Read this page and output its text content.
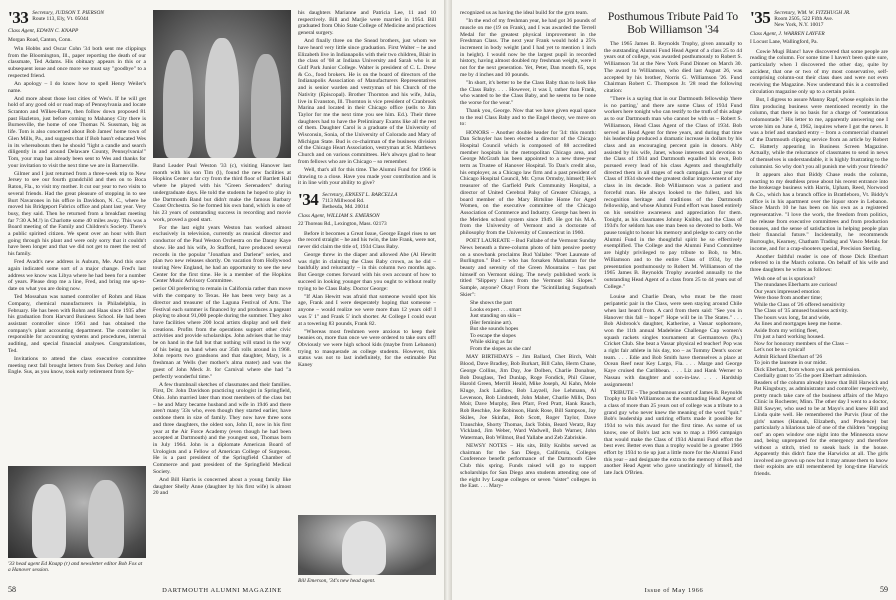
'33 Secretary, JUDSON T. PIERSON
Route 113, Ely, Vt. 05044
Class Agent, EDWIN C. KNAPP
Morgan Road, Canton, Conn.

Win Hobbs and Oscar Cohn '34 both sent me clippings from the Bloomington, Ill., paper reporting the death of our classmate, Ted Adams. His obituary appears in this or a subsequent issue and once more we must say "goodbye" to a respected friend.

An apology – I do know how to spell Henry Weiler's name.

And more about those lost cities of Wes's. If he will get hold of any good old or road map of Pennsylvania and locate Scranton and Wilkes-Barre, then follow down proposed 81 past Hazleton, just before coming to Mahanoy City there is Burnesville, the home of one Thomas N. Sussman, big as life. Tom is also concerned about Bob James' home town of Glen Mills, Pa., and suggests that if Bob hasn't educated Wes in its whereabouts then he should "light a candle and search diligently in and around Delaware County, Pennsylvania!" Tom, your map has already been sent to Wes and thanks for your invitation to visit the next time we are in Barnesville.

Gilmer and I just returned from a three-week trip to New Jersey to see our fourth grandchild and then on to Boca Raton, Fla., to visit my mother. It cut our year to two visits to several friends. Had the great pleasure of stopping in to see Burt Navarones in his office in Davidson, N. C., where he moved his Bridgeport Fabrics office and plant last year. Very busy, they said. Then he returned from a breakfast meeting far 7:30 A.M.!) in Charlotte some 40 miles away. This was a Board meeting of the Family and Children's Society. There's a public spirited citizen. We spent over an hour with Burt going through his plant and were only sorry that it couldn't have been longer and that we did not get to meet the rest of his family.

Fred Avadt's new address is Auburn, Me. And this once again indicated some sort of a major change. Fred's last address we know was Libya where he had been for a number of years. Please drop me a line, Fred, and bring me up-to-date on what you are doing now.

Ted Mossahan was named controller of Rohm and Haas Company, chemical manufacturers in Philadelphia, in February. He has been with Rohm and Haas since 1935 after his graduation from Harvard Business School. He had been assistant controller since 1961 and has obtained the company's plant accounting department. The controller is responsible for accounting systems and procedures, internal auditing, and special financial analyses. Congratulations, Ted.

Invitations to attend the class executive committee meeting next fall brought letters from Sus Dorkey and John Engle. Sus, as you know, took early retirement from Sy-

'33 head agent Ed Knapp (r) and newsletter editor Bob Fox at a Hanover session.

Band Leader Paul Weston '33 (c), visiting Hanover last month with his son Tim (l), found the new facilities at Hopkins Center a far cry from the third floor of Bartlett Hall where he played with his "Green Serenaders" during undergraduate days. He told the students he hoped to play in the Dartmouth Band but didn't make the famous Barbary Coast Orchestra. So he formed his own band, which is one of his 23 years of outstanding success in recording and movie work, proved a good start.

For the last eight years Weston has worked almost exclusively in television, currently as musical director and conductor of the Paul Weston Orchestra on the Danny Kaye show. He and his wife, Jo Stafford, have produced several records in the popular "Jonathan and Darlene" series, and plan two new releases shortly. On vacation from Hollywood touring New England, he had an opportunity to see the new Center for the first time. He is a member of the Hopkins Center Music Advisory Committee.

perior Oil preferring to remain in California rather than move with the company to Texas. He has been very busy as a director and treasurer of the Laguna Festival of Arts. The Festival each summer is financed by and produces a pageant playing to about 91,000 people during the summer. They also have facilities where 200 local artists display and sell their creations. Profits from the operations support other civic activities and provide scholarships. John advises that he may be on hand in the fall but that nothing will stand in the way of his being on hand when our 35th rolls around in 1968. John reports two grandsons and that daughter, Mary, is a freshman at Wells (her mother's alma mater) and was the guest of John Meck Jr. for Carnival where she had "a perfectly wonderful time."

A few thumbnail sketches of classmates and their families. First, Dr. John Davidson practicing urologist in Springfield, Ohio. John married later than most members of the class but – he and Mary became husband and wife in 1946 and there aren't many '33s who, even though they started earlier, have outdone them in size of family. They now have three sons and three daughters, the oldest son, John II, now in his first year at the Air Force Academy (even though he had been accepted at Dartmouth) and the youngest son, Thomas born in July 1964. John is a diplomate American Board of Urologists and a Fellow of American College of Surgeons. He is a past president of the Springfield Chamber of Commerce and past president of the Springfield Medical Society.

And Bill Harris is concerned about a young family like daughter Shelly Anne (daughter by his first wife) is almost 20 and

his daughters Marianne and Patricia Lee, 11 and 10 respectively. Bill and Marjie were married in 1954. Bill graduated from Ohio State College of Medicine and practices general surgery.

And finally three on the Snead brothers, just whom we have heard very little since graduation. First Walter – he and Elizabeth live in Indianapolis with their two children, Blair in the class of '68 at Indiana University and Sarah who is at Gulf Park Junior College. Walter is president of C. L. Drew & Co., food brokers. He is on the board of directors of the Indianapolis Association of Manufacturers Representatives and is senior warden and vestryman of his Church of the Nativity (Episcopal). Brother Thornton and his wife, Julia, live in Evanston, Ill. Thornton is vice president of Cranbrook Marina and located in their Chicago office (sells to Jim Taylor for me the next time you see him. Ed.). Their three daughters had to have the Preliminary Exams like all the rest of them. Daughter Carol is a graduate of the University of Wisconsin, Sonia, of the University of Colorado and Mary of Michigan State. Bud is co-chairman of the business division of the Chicago Heart Association, vestryman at St. Matthews Church and on various committees. He's always glad to hear from fellows who are in Chicago – so remember.

Well, that's all for this time. The Alumni Fund for 1966 is drawing to a close. Have you made your contribution and is it in line with your ability to give?

'34 Secretary, ERNEST L. BARCELLA
7113 Millwood Rd.
Bethesda, Md. 20014
Class Agent, WILLIAM S. EMERSON
22 Thoreau Rd., Lexington, Mass. 02173

Before it becomes a Great Issue, George Engel rises to set the record straight – he and his twin, the late Frank, were not, never did claim the title of, 1934 Class Baby.

George threw in the diaper and allowed Abe (Al Hewitt was right in claiming the Class Baby crown, as he did – bashfully and reluctantly – in this column two months ago. But George comes forward with his own account of how to succeed in looking younger than you ought to without really trying to be Class Baby. Doctor George:

"If Alan Hewitt was afraid that someone would spot his age, Frank and I were desperately hoping that someone – anyone – would realize we were more than 12 years old! I was 5' 1" and Frank 5' inch shorter. At College I could swat at a towering 83 pounds, Frank 82.

"Whereas most freshmen were anxious to keep their beanies on, more than once we were ordered to take ours off! Obviously we were high school kids (maybe from Lebanon) trying to masquerade as college students. However, this status was not to last indefinitely, for the estimable Pat Kaney

Bill Emerson, '34's new head agent.
58	DARTMOUTH ALUMNI MAGAZINE

recognized us as having the ideal build for the gym team.

"In the end of my freshman year, he had got 36 pounds of muscle on me (19 on Frank), and I was awarded the Terrell Medal for the greatest physical improvement in the Freshman Class. The next year Frank would hold a 25% increment in body weight (and I had yet to mention 1 inch in height). I would now be the largest pupil in recorded history, having almost doubled my freshman weight, were it not for the next generation. Yet, Peter, Dan month 65, tops me by 4 inches and 10 pounds.

"In short, it's better to be the Class Baby than to look like the Class Baby. . . . However, it was I, rather than Frank, who wanted to be the Class Baby, and he seems to be none the worse for the wear."

Thank you, George. Now that we have given equal space to the real Class Baby and to the Engel theory, we move on to:

HONORS – Another double header for '34: this month: Dan Schuyler has been elected a director of the Chicago Hospital Council which is composed of 88 accredited member hospitals in the metropolitan Chicago area, and George McGrath has been appointed to a new three-year term as Trustee of Hanover Hospital. To Dan's credit also, his employer, as a Chicago law firm and a past president of Chicago Hospital Council, Mr. Cyrus Ormsby, himself; He's treasurer of the Garfield Park Community Hospital, a director of United Cerebral Palsy of Greater Chicago, a board member of the Mary Birtsline Home for Aged Women, on the executive committee of the Chicago Association of Commerce and Industry. George has been in the Meriden school system since 1949. He got his M.A. from the University of Vermont and a doctorate of philosophy from the University of Connecticut in 1960.

POET LAUREATE – Bud Fallabe of the Vermont Sunday News beneath a three-column photo of him pensive poetry on a snowbank proclaims Bud Yallabe: "Poet Laureate of Burlington." Bud – who has forsaken Manhattan for the beauty and serenity of the Green Mountains – has put himself on Vermont skiing. The newly published work is titled "Slippery Lines from the Vermont Ski Slopes." Sample, anyone? Okay! From the "Scintillating Sugarbush Skier":

She shows the part
Looks expert . . . smart
Just standing on skis –
(Her feminine art).
But she sounds hopes
To escape the slopes
While skiing as far
From the slopes as she can!

MAY BIRTHDAYS – Jim Ballard, Chet Birch, Walt Blood, Dave Bradley, Bob Burkart, Bill Cahn, Herm Chane, George Collins, Jim Day, Joe Dolben, Charlie Donahue, Bob Douglass, Ted Dunlap, Roge Fondick, Phil Glaser, Harold Green, Merrill Heald, Mike Joseph, Al Kahn, Mole Kluge, Jack Laidlaw, Bob Layzell, Joe Lehmann, Al Levenson, Bob Lindstedt, John Maher, Charlie Mills, Don Moir, Dave Murphy, Ben Pfarr, Fred Pratt, Hank Rauch, Rob Reschke, Joe Robinson, Hank Rose, Bill Sampson, Jay Skiles, Joe Skinfas, Bob Scott, Roger Taylor, Dave Trauschke, Shorty Thomas, Jack Tobin, Beard Veratz, Ray Vickland, Jim Weber, Ward Wadwell, Bob Warner, John Waterman, Bob Wilmot, Bud Yallabe and Zeb Zabriskie.

NEWSY NOTES – His sits, Billy Knibbs served as chairman for the San Diego, California, Colleges Conference benefit performance of the Dartmouth Glee Club this spring. Funds raised will go to support scholarships for San Diego area students attending one of the eight Ivy League colleges or seven "sister" colleges in the East. . . . Mary-

Posthumous Tribute Paid To Bob Williamson '34

The 1965 James B. Reynolds Trophy, given annually to the outstanding Alumni Fund Head Agent of a class 25 to 44 years out of college, was awarded posthumously to Robert S. Williamson '34 at the New York Fund Dinner on March 30. The award to Williamson, who died last August 26, was accepted by his brother, Norris G. Williamson '26. Fund Chairman Robert C. Thompson Jr. '28 read the following citation:

"There is a saying that in our Dartmouth fellowship 'there is no parting,' and there are some Class of 1934 Fund workers here tonight who can testify to the truth of this adage as to our Dartmouth man who cannot be with us – Robert S. Williamson, Head Class Agent of the Class of 1934. Bob served as Head Agent for three years, and during that time his leadership produced a dramatic increase in dollars by his class and an encouraging percent gain in donors. Ably assisted by his wife, Janet, whose interests and devotion to the Class of 1934 and Dartmouth equalled his own, Bob pursued every lead of his class Agents and thoughtfully directed them in all stages of each campaign. Last year the Class of 1934 showed the greatest dollar improvement of any class in its decade. Bob Williamson was a patient and forceful man. He always looked to the fullest, and his recognition heritage and traditions of the Dartmouth fellowship, and whose Alumni Fund effort was based entirely on his sensitive awareness and appreciation for them. Tonight, as his classmates Johnny Knibbs, and the Class of 1934's for seldom has one man been so devoted to both. We pause tonight to honor his memory and pledge to carry on the Alumni Fund in the thoughtful spirit he so effectively exemplified. The College and the Alumni Fund Committee are highly privileged to pay tribute to Bob, to Mrs. Williamson and to the entire Class of 1934, by the presentation posthumously to Robert M. Williamson of the 1965 James B. Reynolds Trophy awarded annually to the outstanding Head Agent of a class from 25 to 44 years out of College."

Louise and Charlie Dean, who must be the most peripatetic pair in the Class, were seen staying around Chile when last heard from. A card from them said: "See you in Hanover this fall – hope!" Hope will be in The States." . . . Bob Alsbrook's daughter, Katherine, a Vassar sophomore, won the 11th annual Madeleine Challenge Cup women's squash rackets singles tournament at Germantown (Pa.) Cricket Club. She beat a Vassar physical ed teacher! Pop was a right fair athlete in his day, too – as Tommy Dent's soccer team. . . . Edie and Bob Smith have themselves a place at Ocean Reef near Key Largo, Fla. . . . Marge and George Kaye cruised the Caribbean. . . . Liz and Hank Werner to Nassau with daughter and son-in-law. . . . Hardship assignments!

TRIBUTE – The posthumous award of James B. Reynolds Trophy to Bob Williamson as the outstanding Head Agent of a class of more than 25 years out of college was a tribute to a grand guy who never knew the meaning of the word "quit." Bob's leadership and untiring efforts made it possible for 1934 to win this award for the first time. As some of us know, one of Bob's last acts was to map a 1966 campaign that would make the Class of 1934 Alumni Fund effort the best ever. Better even than a trophy would be a greater 1966 effort by 1934 to tie up just a little more for the Alumni Fund this year – and designate the extra to the memory of Bob and another Head Agent who gave unstintingly of himself, the late Jack O'Brien.

'35 Secretary, WM. W. FITZHUGH JR.
Room 2505, 522 Fifth Ave.
New York, N.Y. 10017
Class Agent, J. WARREN LAYFER
I Locust Lane, Wallingford, Pa.

Cowie Mugi Blanc! have discovered that some people are reading the column. For some time I haven't been quite sure, particularly when I discovered the other day, quite by accident, that one or two of my most conservative, self-comprising column-out their class dues and were not even receiving the Magazine. Now understand this is a controlled circulation magazine only up to a certain point.

But, I digress to assure Manny Rapf, whose exploits in the film producing business were mentioned recently in the column, that there is no basis for a charge of "ostentatious rodomontade." His letter to me, apparently answering one I wrote him on June 4, 1962, inquires where I got the news. It was a brief and standard entry – from a commercial channel of the Dartmouth clipping service from an article by Robert C. Hatterly appearing in Business Screen Magazine. Actually, while the reluctance of classmates to send in news of themselves is understandable, it is highly frustrating to the columnist. So why don't you all punish me with your friends?

It appears also that Biddy Chase reads the column, reacting to my deathless prose about his recent entrance into the brokerage business with Harris, Upham, Reed, Norwood & Co., which has a branch office in Brattleboro, Vt. Biddy's office is in his apartment over the liquor store in Lebanon. Since March 10 he has been on his own as a registered representative. "I love the work, the freedom from politics, the release from executive committees and from production bonuses, and the sense of satisfaction in helping people plan their financial future." Incidentally, he recommends Burroughs, Kearney, Chatham Trading and Vasco Metals for income, and for a crap-shooters special, Precision Sterling.

Another faithful reader is one of those Dick Eberhart referred to in the March column. On behalf of his wife and three daughters he writes as follows:

Wish one of us is spurious?
The mundanes Eberharts are curious!
Our years impressed emotion
Were those from another time;
While the Class of '26 offered sensitivity
The Class of '35 amused business activity.
The hours wax long, fat and wide,
As lines and mortgages keep me home.
Aside from my writing fleet,
I'm just a hard working housed.
Now for honorary members of the Class –
Let's not be so cynical!
Admit Richard Eberhart of '26
To join the laureate in our midst.
Dick Eberhart, from whom you ask permission.
Cordially grant to '35 the poet Eberhart admission.
Readers of the column already know that Bill Harwick and Pat Kingsbury, as administrator and controller respectively, pretty much take care of the business affairs of the Mayo Clinic in Rochester, Minn. The other day I went to a doctor, Bill Sawyer, who used to be at Mayo's and knew Bill and Linda quite well. He remembered the Purvis (four of the girls' names (Hannah, Elizabeth, and Prudence) but particularly a hilarious tale of one of the children "stepping out" an open window one night into the Minnesota snow and, being unprepared for the emergency and therefore without a stitch, tried to sneak back in the house. Apparently this didn't faze the Harwicks at all. The girls involved are grown up now but it may amuse them to know their exploits are still remembered by long-time Harwick friends.

Issue of May 1966	59
